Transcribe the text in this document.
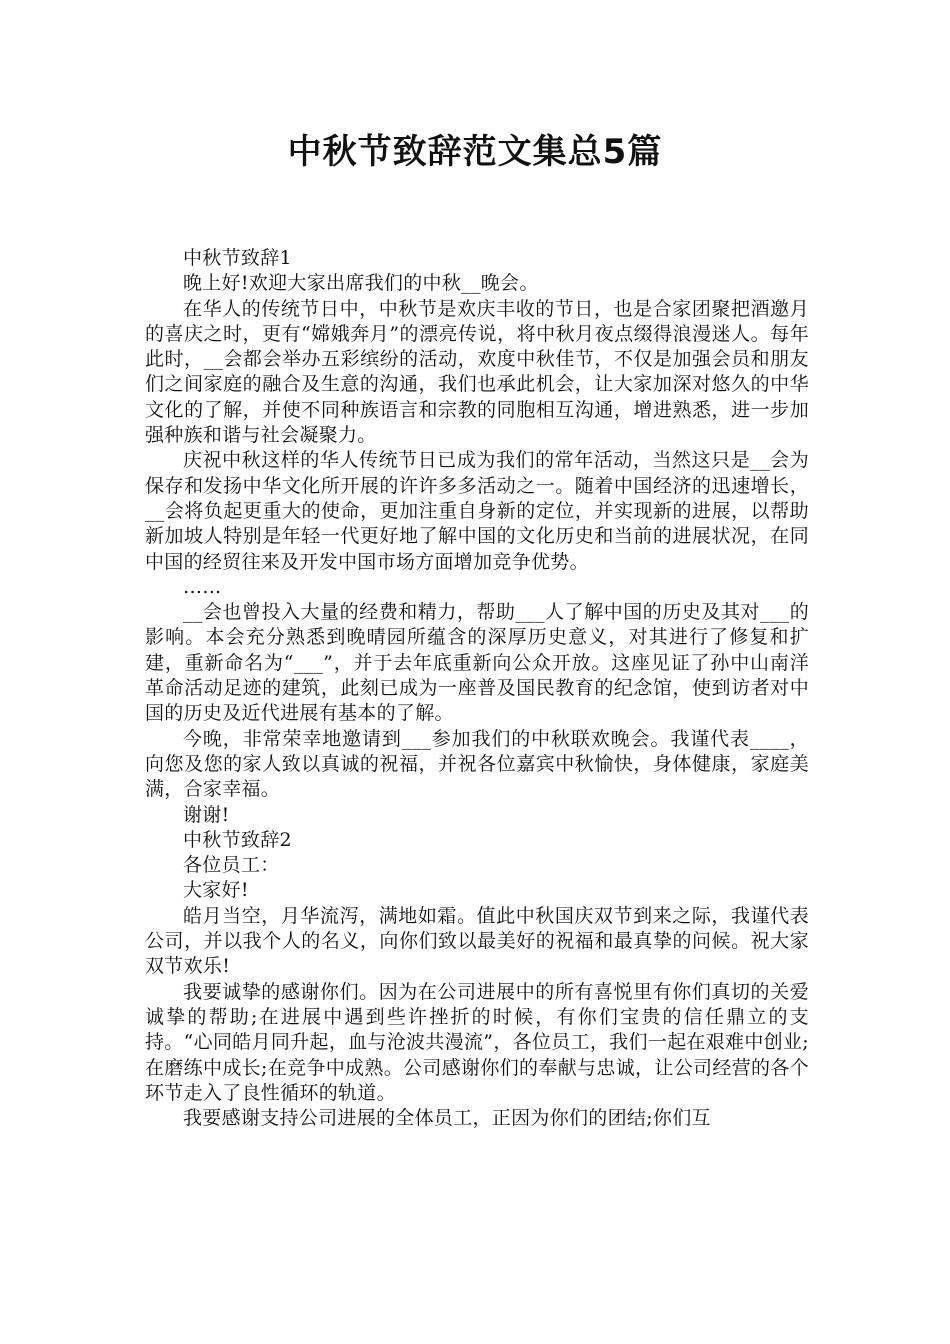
中秋节致辞范文集总5篇

中秋节致辞1

晚上好!欢迎大家出席我们的中秋__晚会。

在华人的传统节日中，中秋节是欢庆丰收的节日，也是合家团聚把酒邀月的喜庆之时，更有“嫦娥奔月”的漂亮传说，将中秋月夜点缀得浪漫迷人。每年此时，__会都会举办五彩缤纷的活动，欢度中秋佳节，不仅是加强会员和朋友们之间家庭的融合及生意的沟通，我们也承此机会，让大家加深对悠久的中华文化的了解，并使不同种族语言和宗教的同胞相互沟通，增进熟悉，进一步加强种族和谐与社会凝聚力。

庆祝中秋这样的华人传统节日已成为我们的常年活动，当然这只是__会为保存和发扬中华文化所开展的许许多多活动之一。随着中国经济的迅速增长，__会将负起更重大的使命，更加注重自身新的定位，并实现新的进展，以帮助新加坡人特别是年轻一代更好地了解中国的文化历史和当前的进展状况，在同中国的经贸往来及开发中国市场方面增加竞争优势。

……

__会也曾投入大量的经费和精力，帮助___人了解中国的历史及其对___的影响。本会充分熟悉到晚晴园所蕴含的深厚历史意义，对其进行了修复和扩建，重新命名为“___”，并于去年底重新向公众开放。这座见证了孙中山南洋革命活动足迹的建筑，此刻已成为一座普及国民教育的纪念馆，使到访者对中国的历史及近代进展有基本的了解。

今晚，非常荣幸地邀请到___参加我们的中秋联欢晚会。我谨代表____，向您及您的家人致以真诚的祝福，并祝各位嘉宾中秋愉快，身体健康，家庭美满，合家幸福。

谢谢!

中秋节致辞2

各位员工：

大家好!

皓月当空，月华流泻，满地如霜。值此中秋国庆双节到来之际，我谨代表公司，并以我个人的名义，向你们致以最美好的祝福和最真挚的问候。祝大家双节欢乐!

我要诚挚的感谢你们。因为在公司进展中的所有喜悦里有你们真切的关爱诚挚的帮助;在进展中遇到些许挫折的时候，有你们宝贵的信任鼎立的支持。“心同皓月同升起，血与沧波共漫流”，各位员工，我们一起在艰难中创业;在磨练中成长;在竞争中成熟。公司感谢你们的奉献与忠诚，让公司经营的各个环节走入了良性循环的轨道。

我要感谢支持公司进展的全体员工，正因为你们的团结;你们互
